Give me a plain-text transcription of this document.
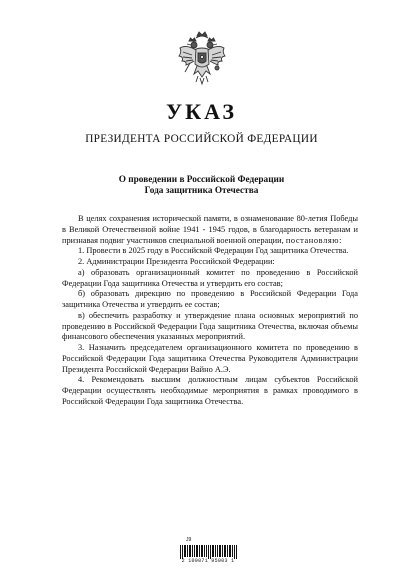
УКАЗ
ПРЕЗИДЕНТА РОССИЙСКОЙ ФЕДЕРАЦИИ
О проведении в Российской Федерации
Года защитника Отечества

В целях сохранения исторической памяти, в ознаменование 80-летия Победы в Великой Отечественной войне 1941 - 1945 годов, в благодарность ветеранам и признавая подвиг участников специальной военной операции, постановляю:

1. Провести в 2025 году в Российской Федерации Год защитника Отечества.

2. Администрации Президента Российской Федерации:

а) образовать организационный комитет по проведению в Российской Федерации Года защитника Отечества и утвердить его состав;

б) образовать дирекцию по проведению в Российской Федерации Года защитника Отечества и утвердить ее состав;

в) обеспечить разработку и утверждение плана основных мероприятий по проведению в Российской Федерации Года защитника Отечества, включая объемы финансового обеспечения указанных мероприятий.

3. Назначить председателем организационного комитета по проведению в Российской Федерации Года защитника Отечества Руководителя Администрации Президента Российской Федерации Вайно А.Э.

4. Рекомендовать высшим должностным лицам субъектов Российской Федерации осуществлять необходимые мероприятия в рамках проводимого в Российской Федерации Года защитника Отечества.

J9
2 100071 95003 1
